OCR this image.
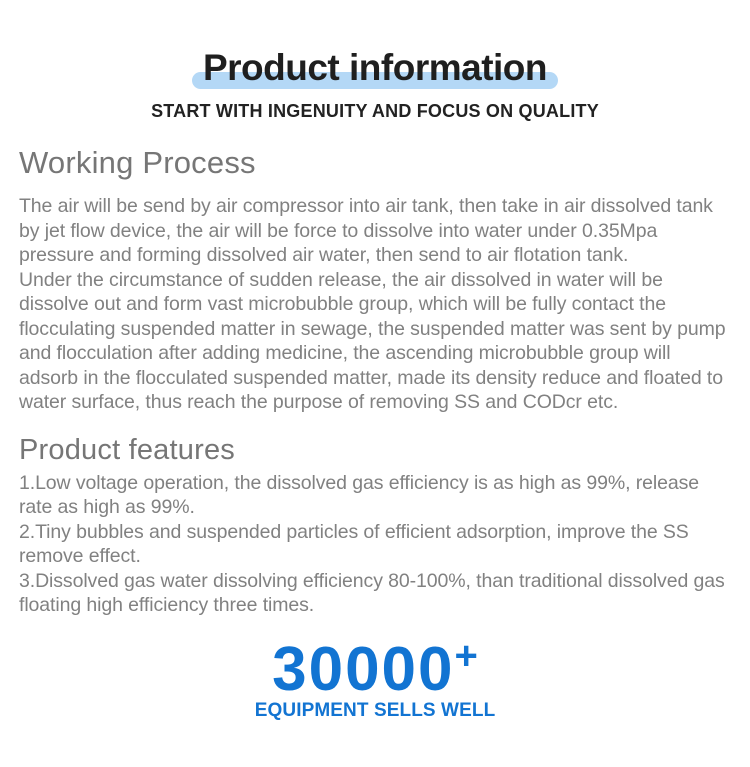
Product information
START WITH INGENUITY AND FOCUS ON QUALITY
Working Process

The air will be send by air compressor into air tank, then take in air dissolved tank by jet flow device, the air will be force to dissolve into water under 0.35Mpa pressure and forming dissolved air water, then send to air flotation tank.

Under the circumstance of sudden release, the air dissolved in water will be dissolve out and form vast microbubble group, which will be fully contact the flocculating suspended matter in sewage, the suspended matter was sent by pump and flocculation after adding medicine, the ascending microbubble group will adsorb in the flocculated suspended matter, made its density reduce and floated to water surface, thus reach the purpose of removing SS and CODcr etc.

Product features
1.Low voltage operation, the dissolved gas efficiency is as high as 99%, release rate as high as 99%.
2.Tiny bubbles and suspended particles of efficient adsorption, improve the SS remove effect.
3.Dissolved gas water dissolving efficiency 80-100%, than traditional dissolved gas floating high efficiency three times.
30000+
EQUIPMENT SELLS WELL
